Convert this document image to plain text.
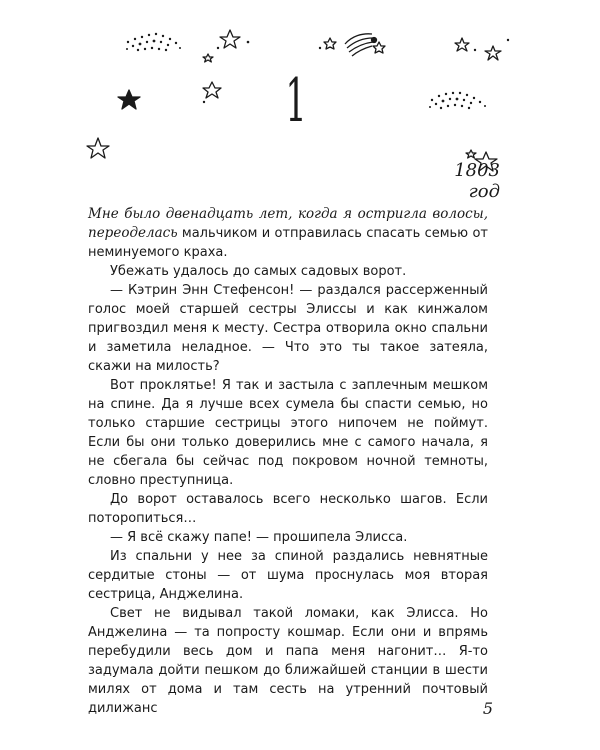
1
1803 год

Мне было двенадцать лет, когда я остригла волосы, переоделась мальчиком и отправилась спасать семью от неминуемого краха.

Убежать удалось до самых садовых ворот.

— Кэтрин Энн Стефенсон! — раздался рассерженный голос моей старшей сестры Элиссы и как кинжалом пригвоздил меня к месту. Сестра отворила окно спальни и заметила неладное. — Что это ты такое затеяла, скажи на милость?

Вот проклятье! Я так и застыла с заплечным мешком на спине. Да я лучше всех сумела бы спасти семью, но только старшие сестрицы этого нипочем не поймут. Если бы они только доверились мне с самого начала, я не сбегала бы сейчас под покровом ночной темноты, словно преступница.

До ворот оставалось всего несколько шагов. Если поторопиться…

— Я всё скажу папе! — прошипела Элисса.

Из спальни у нее за спиной раздались невнятные сердитые стоны — от шума проснулась моя вторая сестрица, Анджелина.

Свет не видывал такой ломаки, как Элисса. Но Анджелина — та попросту кошмар. Если они и впрямь перебудили весь дом и папа меня нагонит… Я-то задумала дойти пешком до ближайшей станции в шести милях от дома и там сесть на утренний почтовый дилижанс	5
